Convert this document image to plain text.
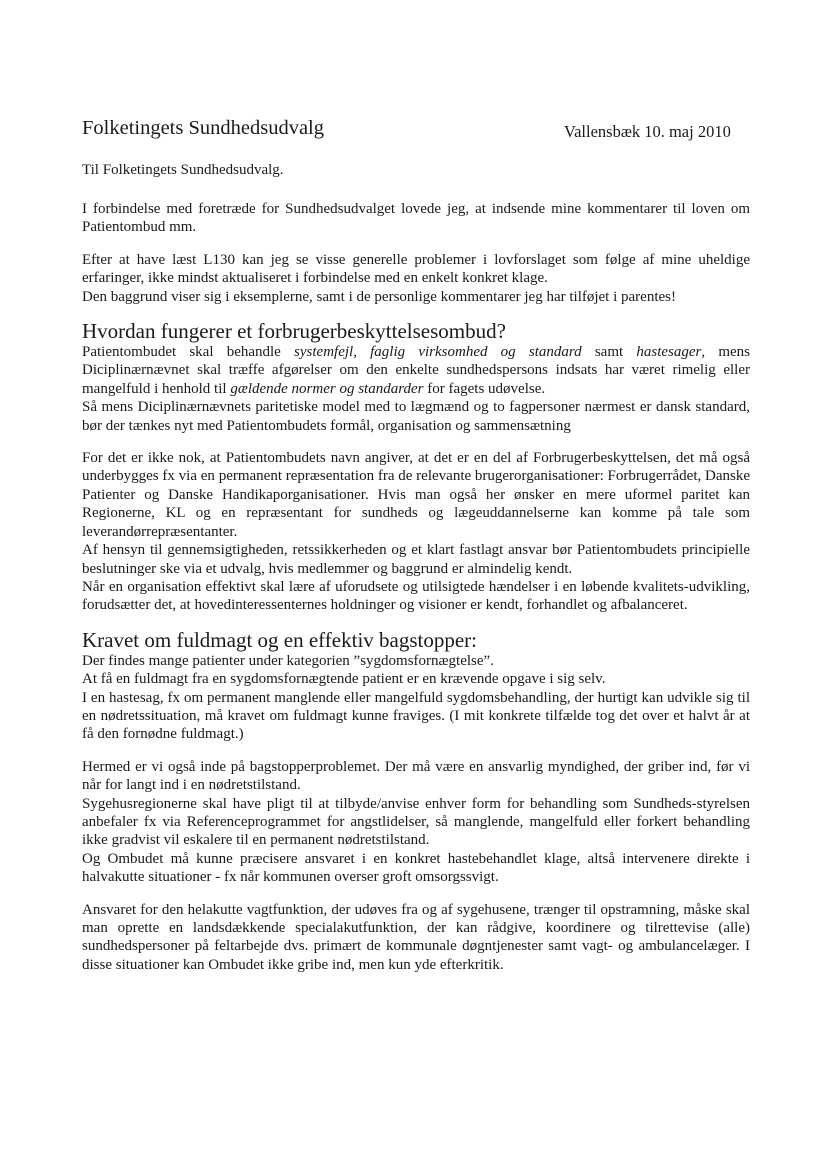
Folketingets Sundhedsudvalg	Vallensbæk 10. maj 2010
Til Folketingets Sundhedsudvalg.

I forbindelse med foretræde for Sundhedsudvalget lovede jeg, at indsende mine kommentarer til loven om Patientombud mm.

Efter at have læst L130 kan jeg se visse generelle problemer i lovforslaget som følge af mine uheldige erfaringer, ikke mindst aktualiseret i forbindelse med en enkelt konkret klage.

Den baggrund viser sig i eksemplerne, samt i de personlige kommentarer jeg har tilføjet i parentes!

Hvordan fungerer et forbrugerbeskyttelsesombud?

Patientombudet skal behandle systemfejl, faglig virksomhed og standard samt hastesager, mens Diciplinærnævnet skal træffe afgørelser om den enkelte sundhedspersons indsats har været rimelig eller mangelfuld i henhold til gældende normer og standarder for fagets udøvelse.

Så mens Diciplinærnævnets paritetiske model med to lægmænd og to fagpersoner nærmest er dansk standard, bør der tænkes nyt med Patientombudets formål, organisation og sammensætning

For det er ikke nok, at Patientombudets navn angiver, at det er en del af Forbrugerbeskyttelsen, det må også underbygges fx via en permanent repræsentation fra de relevante brugerorganisationer: Forbrugerrådet, Danske Patienter og Danske Handikaporganisationer. Hvis man også her ønsker en mere uformel paritet kan Regionerne, KL og en repræsentant for sundheds og lægeuddannelserne kan komme på tale som leverandørrepræsentanter.

Af hensyn til gennemsigtigheden, retssikkerheden og et klart fastlagt ansvar bør Patientombudets principielle beslutninger ske via et udvalg, hvis medlemmer og baggrund er almindelig kendt.

Når en organisation effektivt skal lære af uforudsete og utilsigtede hændelser i en løbende kvalitets-udvikling, forudsætter det, at hovedinteressenternes holdninger og visioner er kendt, forhandlet og afbalanceret.

Kravet om fuldmagt og en effektiv bagstopper:

Der findes mange patienter under kategorien ”sygdomsfornægtelse”.

At få en fuldmagt fra en sygdomsfornægtende patient er en krævende opgave i sig selv.

I en hastesag, fx om permanent manglende eller mangelfuld sygdomsbehandling, der hurtigt kan udvikle sig til en nødretssituation, må kravet om fuldmagt kunne fraviges. (I mit konkrete tilfælde tog det over et halvt år at få den fornødne fuldmagt.)

Hermed er vi også inde på bagstopperproblemet. Der må være en ansvarlig myndighed, der griber ind, før vi når for langt ind i en nødretstilstand.

Sygehusregionerne skal have pligt til at tilbyde/anvise enhver form for behandling som Sundheds-styrelsen anbefaler fx via Referenceprogrammet for angstlidelser, så manglende, mangelfuld eller forkert behandling ikke gradvist vil eskalere til en permanent nødretstilstand.

Og Ombudet må kunne præcisere ansvaret i en konkret hastebehandlet klage, altså intervenere direkte i halvakutte situationer - fx når kommunen overser groft omsorgssvigt.

Ansvaret for den helakutte vagtfunktion, der udøves fra og af sygehusene, trænger til opstramning, måske skal man oprette en landsdækkende specialakutfunktion, der kan rådgive, koordinere og tilrettevise (alle) sundhedspersoner på feltarbejde dvs. primært de kommunale døgntjenester samt vagt- og ambulancelæger. I disse situationer kan Ombudet ikke gribe ind, men kun yde efterkritik.
